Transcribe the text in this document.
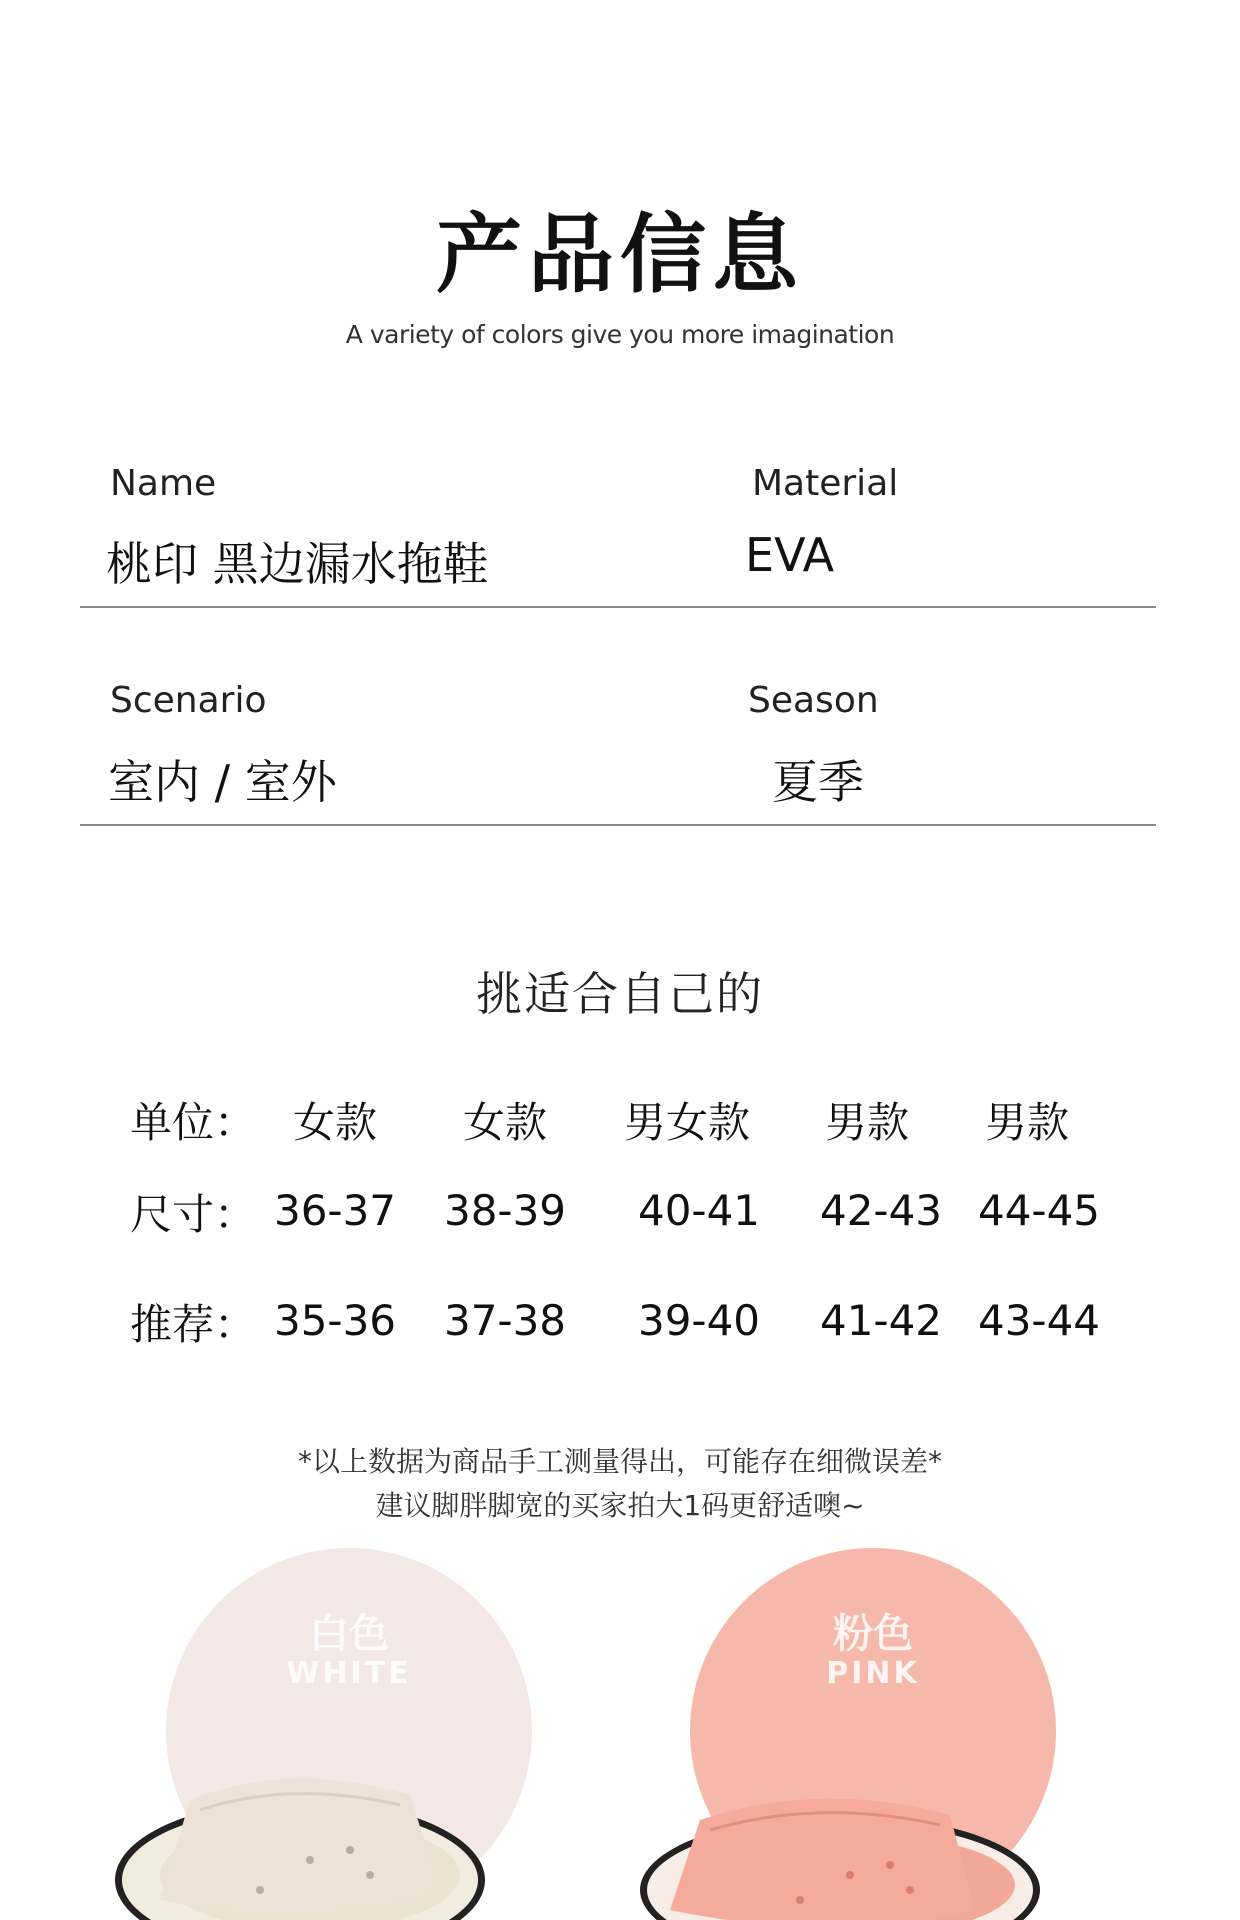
产品信息
A variety of colors give you more imagination
Name
桃印 黑边漏水拖鞋
Material
EVA
Scenario
室内 / 室外
Season
夏季
挑适合自己的
单位： 女款	女款	男女款	男款	男款
尺寸： 36-37	38-39	40-41	42-43 44-45
推荐： 35-36	37-38	39-40	41-42 43-44
*以上数据为商品手工测量得出，可能存在细微误差*
建议脚胖脚宽的买家拍大1码更舒适噢~
白色
WHITE
粉色
PINK
